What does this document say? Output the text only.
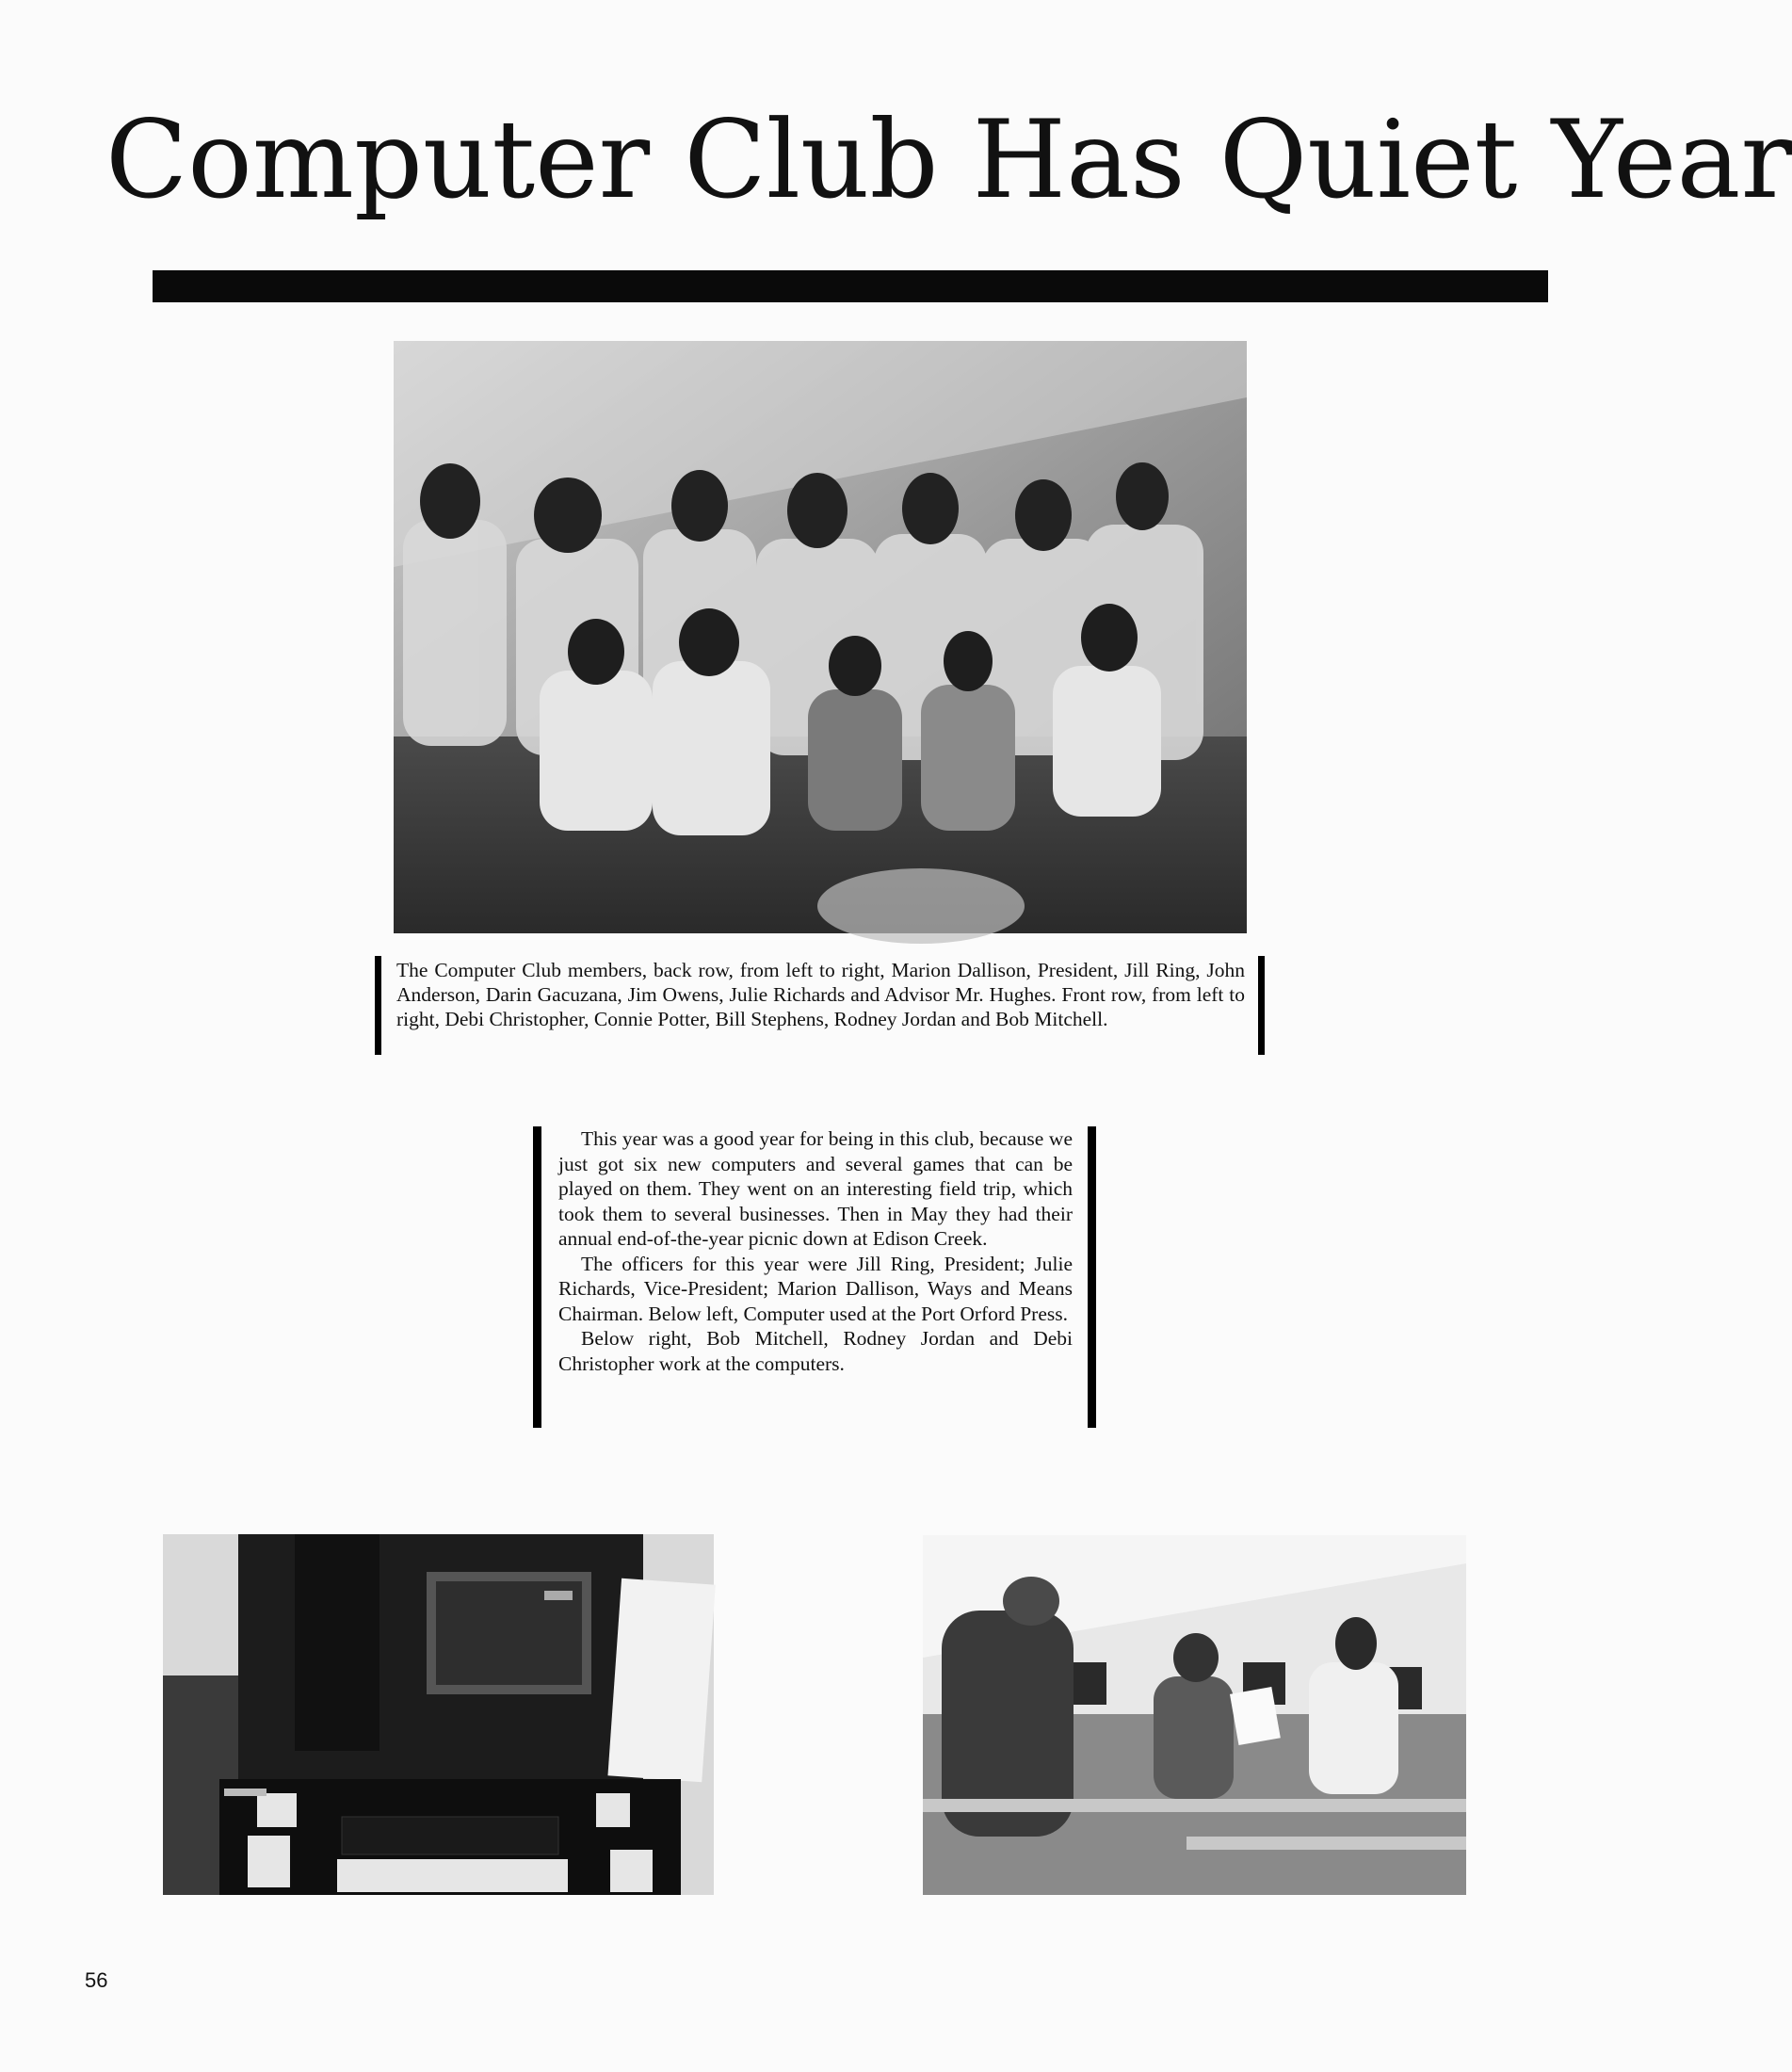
Computer Club Has Quiet Year
The Computer Club members, back row, from left to right, Marion Dallison, President, Jill Ring, John Anderson, Darin Gacuzana, Jim Owens, Julie Richards and Advisor Mr. Hughes. Front row, from left to right, Debi Christopher, Connie Potter, Bill Stephens, Rodney Jordan and Bob Mitchell.

This year was a good year for being in this club, because we just got six new computers and several games that can be played on them. They went on an interesting field trip, which took them to several businesses. Then in May they had their annual end-of-the-year picnic down at Edison Creek.

The officers for this year were Jill Ring, President; Julie Richards, Vice-President; Marion Dallison, Ways and Means Chairman. Below left, Computer used at the Port Orford Press.

Below right, Bob Mitchell, Rodney Jordan and Debi Christopher work at the computers.

56
